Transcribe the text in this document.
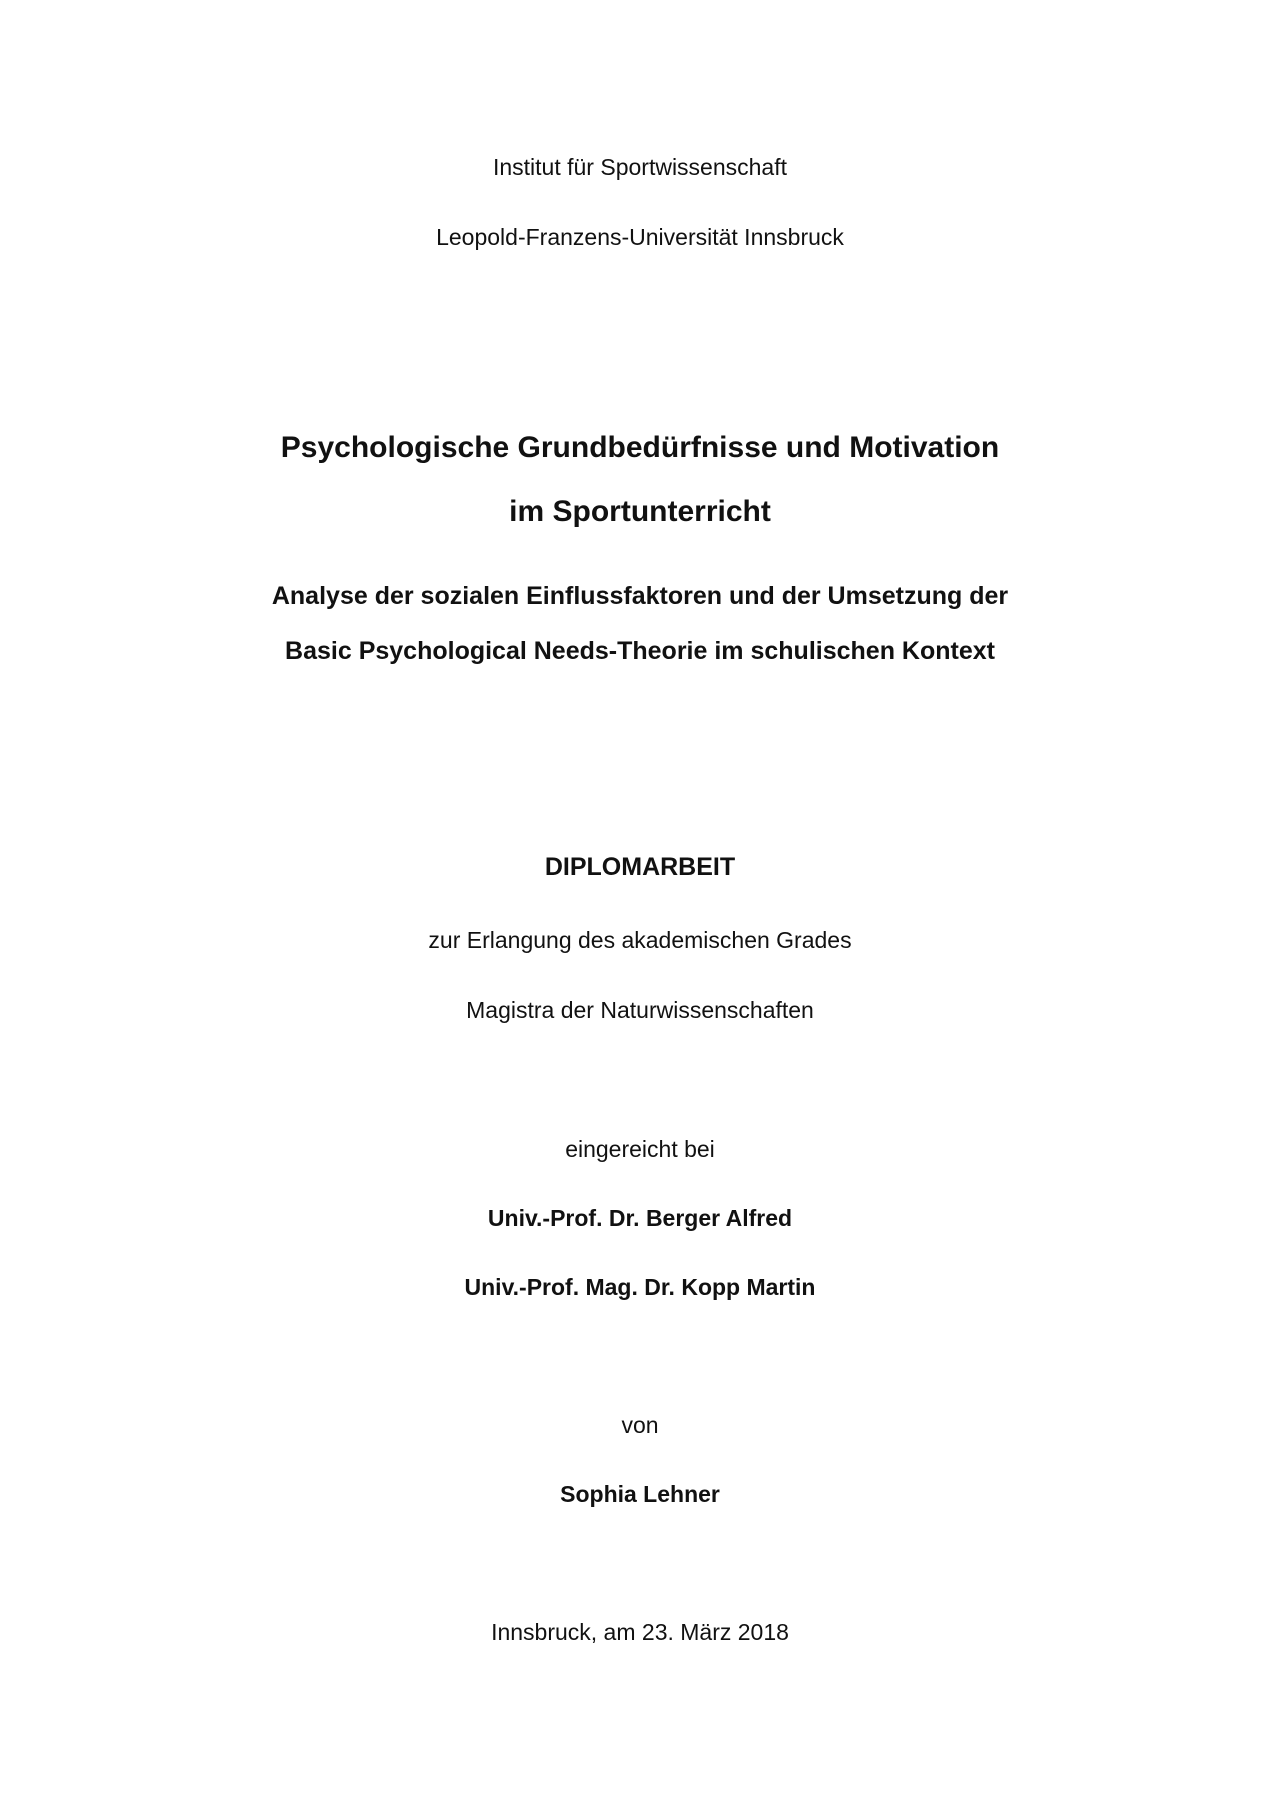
Institut für Sportwissenschaft

Leopold-Franzens-Universität Innsbruck

Psychologische Grundbedürfnisse und Motivation

im Sportunterricht

Analyse der sozialen Einflussfaktoren und der Umsetzung der

Basic Psychological Needs-Theorie im schulischen Kontext

DIPLOMARBEIT

zur Erlangung des akademischen Grades

Magistra der Naturwissenschaften

eingereicht bei

Univ.-Prof. Dr. Berger Alfred

Univ.-Prof. Mag. Dr. Kopp Martin

von

Sophia Lehner

Innsbruck, am 23. März 2018
